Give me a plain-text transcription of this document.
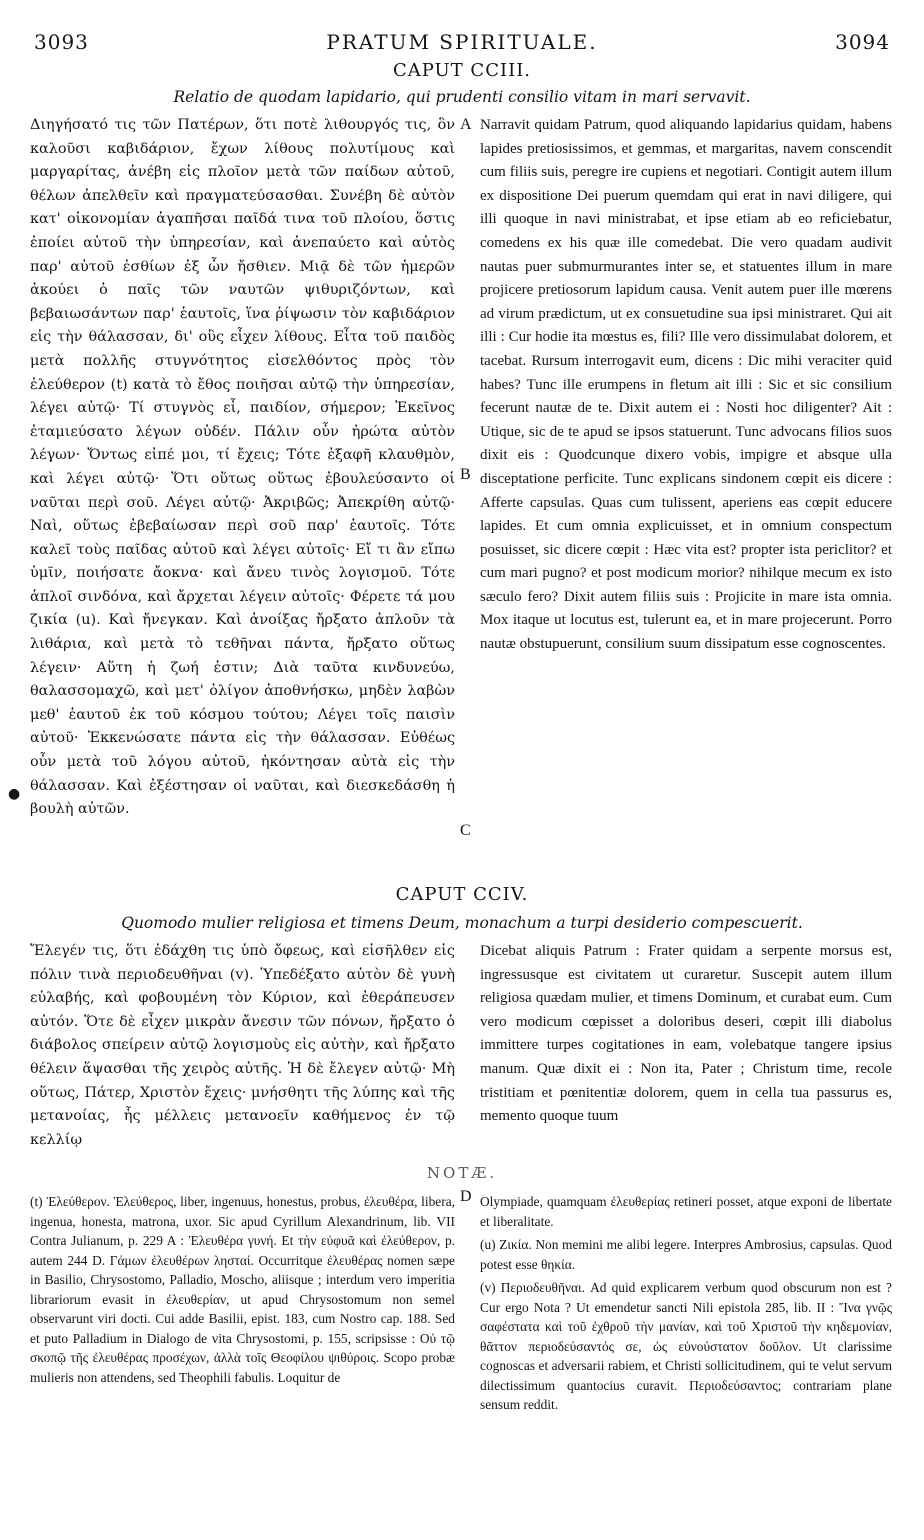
3093	PRATUM SPIRITUALE.	3094
CAPUT CCIII.
Relatio de quodam lapidario, qui prudenti consilio vitam in mari servavit.

Διηγήσατό τις τῶν Πατέρων, ὅτι ποτὲ λιθουργός τις, ὃν καλοῦσι καβιδάριον, ἔχων λίθους πολυτίμους καὶ μαργαρίτας, ἀνέβη εἰς πλοῖον μετὰ τῶν παίδων αὐτοῦ, θέλων ἀπελθεῖν καὶ πραγματεύσασθαι. Συνέβη δὲ αὐτὸν κατ' οἰκονομίαν ἀγαπῆσαι παῖδά τινα τοῦ πλοίου, ὅστις ἐποίει αὐτοῦ τὴν ὑπηρεσίαν, καὶ ἀνεπαύετο καὶ αὐτὸς παρ' αὐτοῦ ἐσθίων ἐξ ὧν ἤσθιεν. Μιᾷ δὲ τῶν ἡμερῶν ἀκούει ὁ παῖς τῶν ναυτῶν ψιθυριζόντων, καὶ βεβαιωσάντων παρ' ἑαυτοῖς, ἵνα ῥίψωσιν τὸν καβιδάριον εἰς τὴν θάλασσαν, δι' οὓς εἶχεν λίθους. Εἶτα τοῦ παιδὸς μετὰ πολλῆς στυγνότητος εἰσελθόντος πρὸς τὸν ἐλεύθερον (t) κατὰ τὸ ἔθος ποιῆσαι αὐτῷ τὴν ὑπηρεσίαν, λέγει αὐτῷ· Τί στυγνὸς εἶ, παιδίον, σήμερον; Ἐκεῖνος ἐταμιεύσατο λέγων οὐδέν. Πάλιν οὖν ἠρώτα αὐτὸν λέγων· Ὄντως εἰπέ μοι, τί ἔχεις; Τότε ἐξαφῆ κλαυθμὸν, καὶ λέγει αὐτῷ· Ὅτι οὕτως οὕτως ἐβουλεύσαντο οἱ ναῦται περὶ σοῦ. Λέγει αὐτῷ· Ἀκριβῶς; Ἀπεκρίθη αὐτῷ· Ναὶ, οὕτως ἐβεβαίωσαν περὶ σοῦ παρ' ἑαυτοῖς. Τότε καλεῖ τοὺς παῖδας αὐτοῦ καὶ λέγει αὐτοῖς· Εἴ τι ἂν εἴπω ὑμῖν, ποιήσατε ἄοκνα· καὶ ἄνευ τινὸς λογισμοῦ. Τότε ἁπλοῖ σινδόνα, καὶ ἄρχεται λέγειν αὐτοῖς· Φέρετε τά μου ζικία (u). Καὶ ἤνεγκαν. Καὶ ἀνοίξας ἤρξατο ἁπλοῦν τὰ λιθάρια, καὶ μετὰ τὸ τεθῆναι πάντα, ἤρξατο οὕτως λέγειν· Αὕτη ἡ ζωή ἐστιν; Διὰ ταῦτα κινδυνεύω, θαλασσομαχῶ, καὶ μετ' ὀλίγον ἀποθνήσκω, μηδὲν λαβὼν μεθ' ἑαυτοῦ ἐκ τοῦ κόσμου τούτου; Λέγει τοῖς παισὶν αὐτοῦ· Ἐκκενώσατε πάντα εἰς τὴν θάλασσαν. Εὐθέως οὖν μετὰ τοῦ λόγου αὐτοῦ, ἠκόντησαν αὐτὰ εἰς τὴν θάλασσαν. Καὶ ἐξέστησαν οἱ ναῦται, καὶ διεσκεδάσθη ἡ βουλὴ αὐτῶν.

Narravit quidam Patrum, quod aliquando lapidarius quidam, habens lapides pretiosissimos, et gemmas, et margaritas, navem conscendit cum filiis suis, peregre ire cupiens et negotiari. Contigit autem illum ex dispositione Dei puerum quemdam qui erat in navi diligere, qui illi quoque in navi ministrabat, et ipse etiam ab eo reficiebatur, comedens ex his quæ ille comedebat. Die vero quadam audivit nautas puer submurmurantes inter se, et statuentes illum in mare projicere pretiosorum lapidum causa. Venit autem puer ille mœrens ad virum prædictum, ut ex consuetudine sua ipsi ministraret. Qui ait illi : Cur hodie ita mœstus es, fili? Ille vero dissimulabat dolorem, et tacebat. Rursum interrogavit eum, dicens : Dic mihi veraciter quid habes? Tunc ille erumpens in fletum ait illi : Sic et sic consilium fecerunt nautæ de te. Dixit autem ei : Nosti hoc diligenter? Ait : Utique, sic de te apud se ipsos statuerunt. Tunc advocans filios suos dixit eis : Quodcunque dixero vobis, impigre et absque ulla disceptatione perficite. Tunc explicans sindonem cœpit eis dicere : Afferte capsulas. Quas cum tulissent, aperiens eas cœpit educere lapides. Et cum omnia explicuisset, et in omnium conspectum posuisset, sic dicere cœpit : Hæc vita est? propter ista periclitor? et cum mari pugno? et post modicum morior? nihilque mecum ex isto sæculo fero? Dixit autem filiis suis : Projicite in mare ista omnia. Mox itaque ut locutus est, tulerunt ea, et in mare projecerunt. Porro nautæ obstupuerunt, consilium suum dissipatum esse cognoscentes.

A
B
C
●
CAPUT CCIV.
Quomodo mulier religiosa et timens Deum, monachum a turpi desiderio compescuerit.

Ἔλεγέν τις, ὅτι ἐδάχθη τις ὑπὸ ὄφεως, καὶ εἰσῆλθεν εἰς πόλιν τινὰ περιοδευθῆναι (v). Ὑπεδέξατο αὐτὸν δὲ γυνὴ εὐλαβής, καὶ φοβουμένη τὸν Κύριον, καὶ ἐθεράπευσεν αὐτόν. Ὅτε δὲ εἶχεν μικρὰν ἄνεσιν τῶν πόνων, ἤρξατο ὁ διάβολος σπείρειν αὐτῷ λογισμοὺς εἰς αὐτὴν, καὶ ἤρξατο θέλειν ἅψασθαι τῆς χειρὸς αὐτῆς. Ἡ δὲ ἔλεγεν αὐτῷ· Μὴ οὕτως, Πάτερ, Χριστὸν ἔχεις· μνήσθητι τῆς λύπης καὶ τῆς μετανοίας, ἧς μέλλεις μετανοεῖν καθήμενος ἐν τῷ κελλίῳ

Dicebat aliquis Patrum : Frater quidam a serpente morsus est, ingressusque est civitatem ut curaretur. Suscepit autem illum religiosa quædam mulier, et timens Dominum, et curabat eum. Cum vero modicum cœpisset a doloribus deseri, cœpit illi diabolus immittere turpes cogitationes in eam, volebatque tangere ipsius manum. Quæ dixit ei : Non ita, Pater ; Christum time, recole tristitiam et pœnitentiæ dolorem, quem in cella tua passurus es, memento quoque tuum

NOTÆ.
D

(t) Ἐλεύθερον. Ἐλεύθερος, liber, ingenuus, honestus, probus, ἐλευθέρα, libera, ingenua, honesta, matrona, uxor. Sic apud Cyrillum Alexandrinum, lib. VII Contra Julianum, p. 229 A : Ἐλευθέρα γυνή. Et τὴν εὐφυᾶ καὶ ἐλεύθερον, p. autem 244 D. Γάμων ἐλευθέρων λησταί. Occurritque ἐλευθέρας nomen sæpe in Basilio, Chrysostomo, Palladio, Moscho, aliisque ; interdum vero imperitia librariorum evasit in ἐλευθερίαν, ut apud Chrysostomum non semel observarunt viri docti. Cui adde Basilii, epist. 183, cum Nostro cap. 188. Sed et puto Palladium in Dialogo de vita Chrysostomi, p. 155, scripsisse : Οὐ τῷ σκοπῷ τῆς ἐλευθέρας προσέχων, ἀλλὰ τοῖς Θεοφίλου ψιθύροις. Scopo probæ mulieris non attendens, sed Theophili fabulis. Loquitur de

Olympiade, quamquam ἐλευθερίας retineri posset, atque exponi de libertate et liberalitate.

(u) Ζικία. Non memini me alibi legere. Interpres Ambrosius, capsulas. Quod potest esse θηκία.

(v) Περιοδευθῆναι. Ad quid explicarem verbum quod obscurum non est ? Cur ergo Nota ? Ut emendetur sancti Nili epistola 285, lib. II : Ἵνα γνῷς σαφέστατα καὶ τοῦ ἐχθροῦ τὴν μανίαν, καὶ τοῦ Χριστοῦ τὴν κηδεμονίαν, θᾶττον περιοδεύσαντός σε, ὡς εὐνούστατον δοῦλον. Ut clarissime cognoscas et adversarii rabiem, et Christi sollicitudinem, qui te velut servum dilectissimum quantocius curavit. Περιοδεύσαντος; contrariam plane sensum reddit.
